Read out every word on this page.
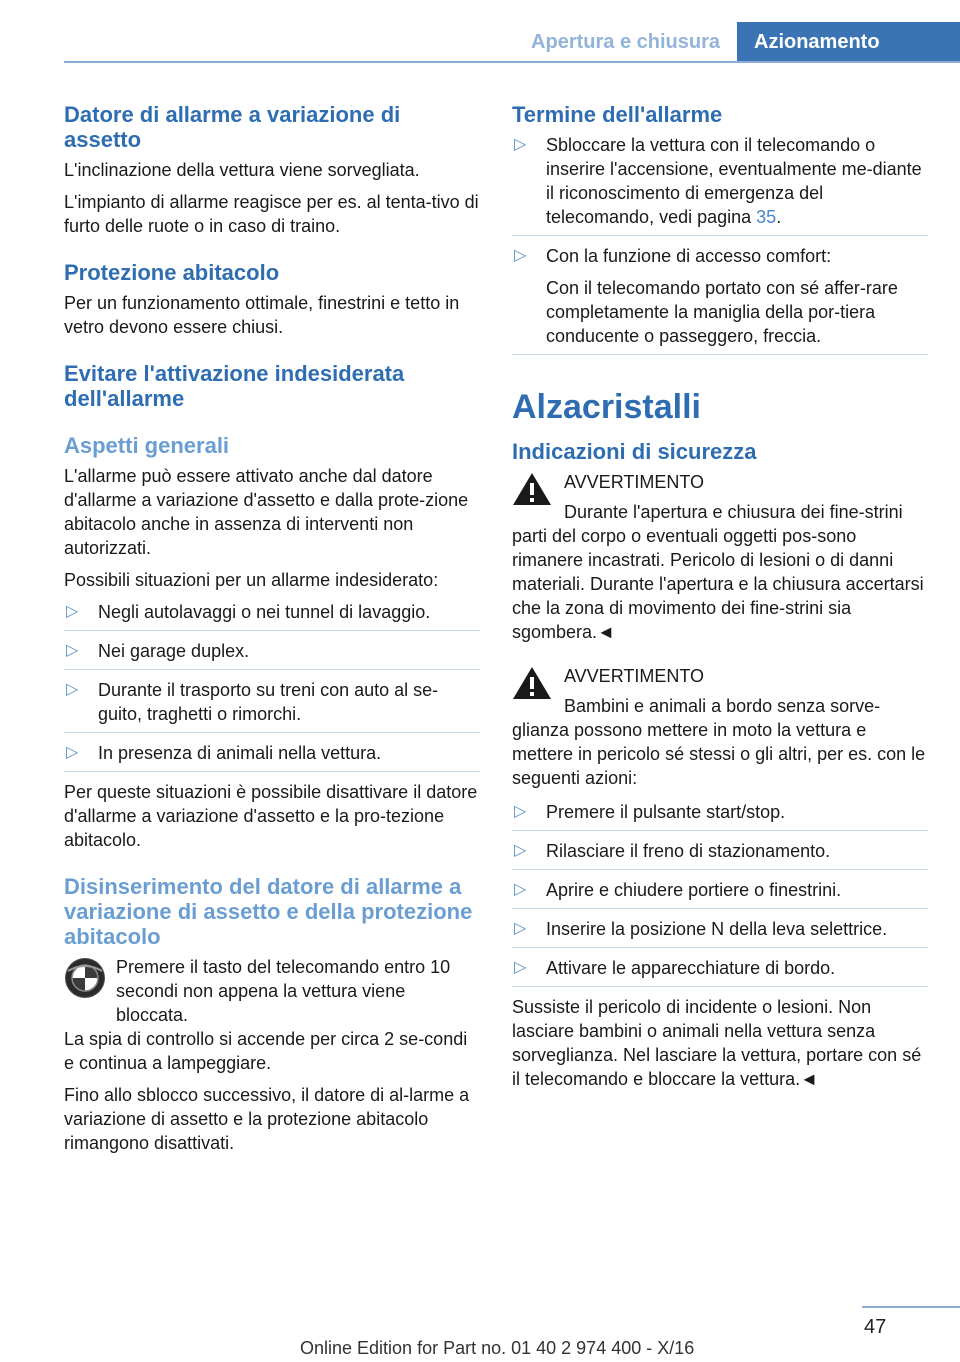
Apertura e chiusura	Azionamento
Datore di allarme a variazione di assetto

L'inclinazione della vettura viene sorvegliata.

L'impianto di allarme reagisce per es. al tenta-tivo di furto delle ruote o in caso di traino.

Protezione abitacolo

Per un funzionamento ottimale, finestrini e tetto in vetro devono essere chiusi.

Evitare l'attivazione indesiderata dell'allarme
Aspetti generali

L'allarme può essere attivato anche dal datore d'allarme a variazione d'assetto e dalla prote-zione abitacolo anche in assenza di interventi non autorizzati.

Possibili situazioni per un allarme indesiderato:

▷ Negli autolavaggi o nei tunnel di lavaggio.
▷ Nei garage duplex.
▷ Durante il trasporto su treni con auto al se-guito, traghetti o rimorchi.
▷ In presenza di animali nella vettura.

Per queste situazioni è possibile disattivare il datore d'allarme a variazione d'assetto e la pro-tezione abitacolo.

Disinserimento del datore di allarme a variazione di assetto e della protezione abitacolo

Premere il tasto del telecomando entro 10 secondi non appena la vettura viene bloccata.

La spia di controllo si accende per circa 2 se-condi e continua a lampeggiare.

Fino allo sblocco successivo, il datore di al-larme a variazione di assetto e la protezione abitacolo rimangono disattivati.

Termine dell'allarme
▷ Sbloccare la vettura con il telecomando o inserire l'accensione, eventualmente me-diante il riconoscimento di emergenza del telecomando, vedi pagina 35.
▷ Con la funzione di accesso comfort:
Con il telecomando portato con sé affer-rare completamente la maniglia della por-tiera conducente o passeggero, freccia.
Alzacristalli
Indicazioni di sicurezza
AVVERTIMENTO
Durante l'apertura e chiusura dei fine-strini parti del corpo o eventuali oggetti pos-sono rimanere incastrati. Pericolo di lesioni o di danni materiali. Durante l'apertura e la chiusura accertarsi che la zona di movimento dei fine-strini sia sgombera.◄
AVVERTIMENTO
Bambini e animali a bordo senza sorve-glianza possono mettere in moto la vettura e mettere in pericolo sé stessi o gli altri, per es. con le seguenti azioni:
▷ Premere il pulsante start/stop.
▷ Rilasciare il freno di stazionamento.
▷ Aprire e chiudere portiere o finestrini.
▷ Inserire la posizione N della leva selettrice.
▷ Attivare le apparecchiature di bordo.

Sussiste il pericolo di incidente o lesioni. Non lasciare bambini o animali nella vettura senza sorveglianza. Nel lasciare la vettura, portare con sé il telecomando e bloccare la vettura.◄

47
Online Edition for Part no. 01 40 2 974 400 - X/16
